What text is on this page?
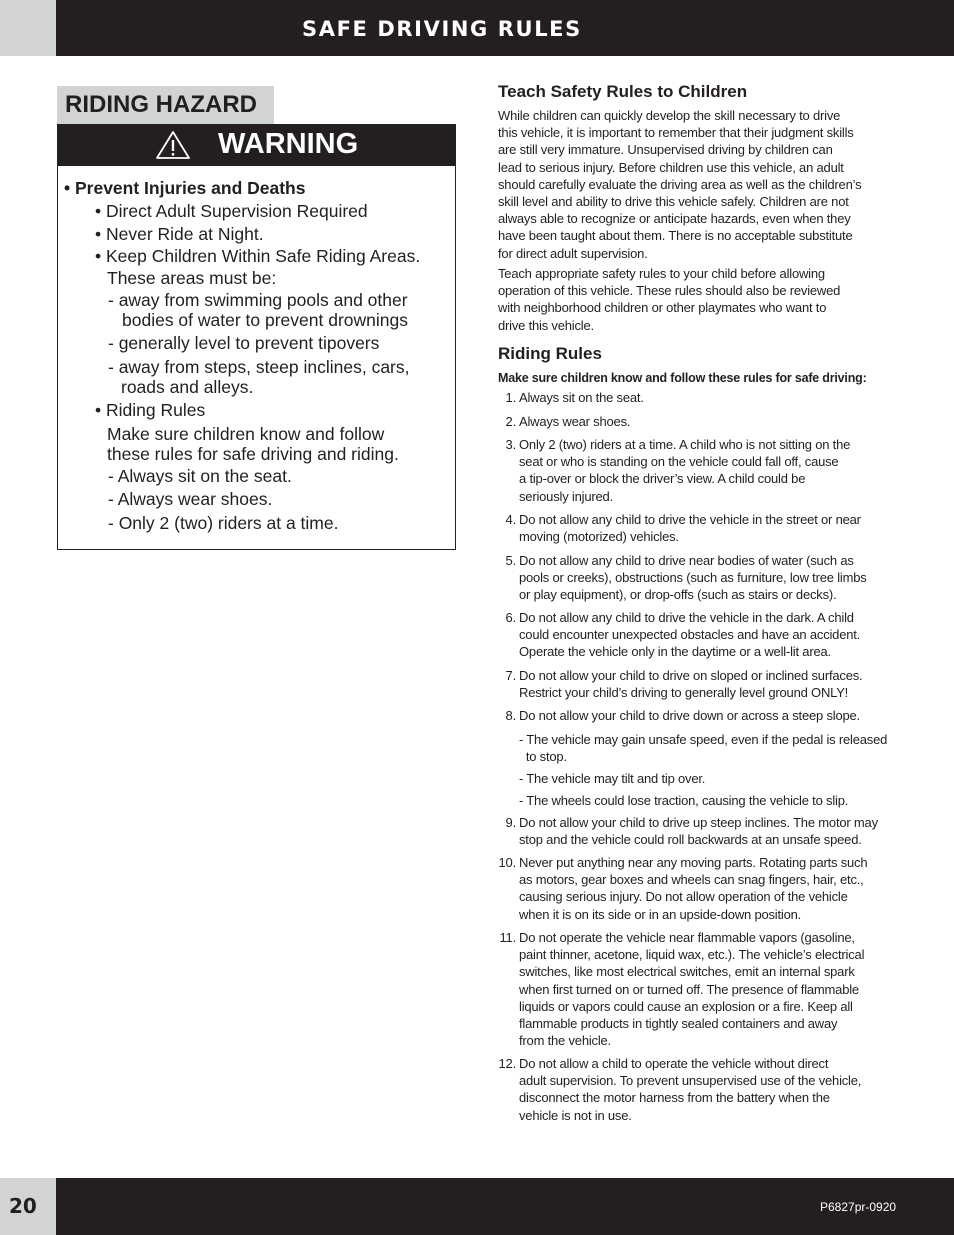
SAFE DRIVING RULES
RIDING HAZARD
WARNING
• Prevent Injuries and Deaths
• Direct Adult Supervision Required
• Never Ride at Night.
• Keep Children Within Safe Riding Areas.
These areas must be:
- away from swimming pools and other
bodies of water to prevent drownings
- generally level to prevent tipovers
- away from steps, steep inclines, cars,
roads and alleys.
• Riding Rules
Make sure children know and follow
these rules for safe driving and riding.
- Always sit on the seat.
- Always wear shoes.
- Only 2 (two) riders at a time.
Teach Safety Rules to Children
While children can quickly develop the skill necessary to drive
this vehicle, it is important to remember that their judgment skills
are still very immature. Unsupervised driving by children can
lead to serious injury. Before children use this vehicle, an adult
should carefully evaluate the driving area as well as the children’s
skill level and ability to drive this vehicle safely. Children are not
always able to recognize or anticipate hazards, even when they
have been taught about them. There is no acceptable substitute
for direct adult supervision.
Teach appropriate safety rules to your child before allowing
operation of this vehicle. These rules should also be reviewed
with neighborhood children or other playmates who want to
drive this vehicle.
Riding Rules
Make sure children know and follow these rules for safe driving:
1. Always sit on the seat.
2. Always wear shoes.
3. Only 2 (two) riders at a time. A child who is not sitting on the
seat or who is standing on the vehicle could fall off, cause
a tip-over or block the driver’s view. A child could be
seriously injured.
4. Do not allow any child to drive the vehicle in the street or near
moving (motorized) vehicles.
5. Do not allow any child to drive near bodies of water (such as
pools or creeks), obstructions (such as furniture, low tree limbs
or play equipment), or drop-offs (such as stairs or decks).
6. Do not allow any child to drive the vehicle in the dark. A child
could encounter unexpected obstacles and have an accident.
Operate the vehicle only in the daytime or a well-lit area.
7. Do not allow your child to drive on sloped or inclined surfaces.
Restrict your child’s driving to generally level ground ONLY!
8. Do not allow your child to drive down or across a steep slope.
- The vehicle may gain unsafe speed, even if the pedal is released
to stop.
- The vehicle may tilt and tip over.
- The wheels could lose traction, causing the vehicle to slip.
9. Do not allow your child to drive up steep inclines. The motor may
stop and the vehicle could roll backwards at an unsafe speed.
10. Never put anything near any moving parts. Rotating parts such
as motors, gear boxes and wheels can snag fingers, hair, etc.,
causing serious injury. Do not allow operation of the vehicle
when it is on its side or in an upside-down position.
11. Do not operate the vehicle near flammable vapors (gasoline,
paint thinner, acetone, liquid wax, etc.). The vehicle’s electrical
switches, like most electrical switches, emit an internal spark
when first turned on or turned off. The presence of flammable
liquids or vapors could cause an explosion or a fire. Keep all
flammable products in tightly sealed containers and away
from the vehicle.
12. Do not allow a child to operate the vehicle without direct
adult supervision. To prevent unsupervised use of the vehicle,
disconnect the motor harness from the battery when the
vehicle is not in use.
20	P6827pr-0920
